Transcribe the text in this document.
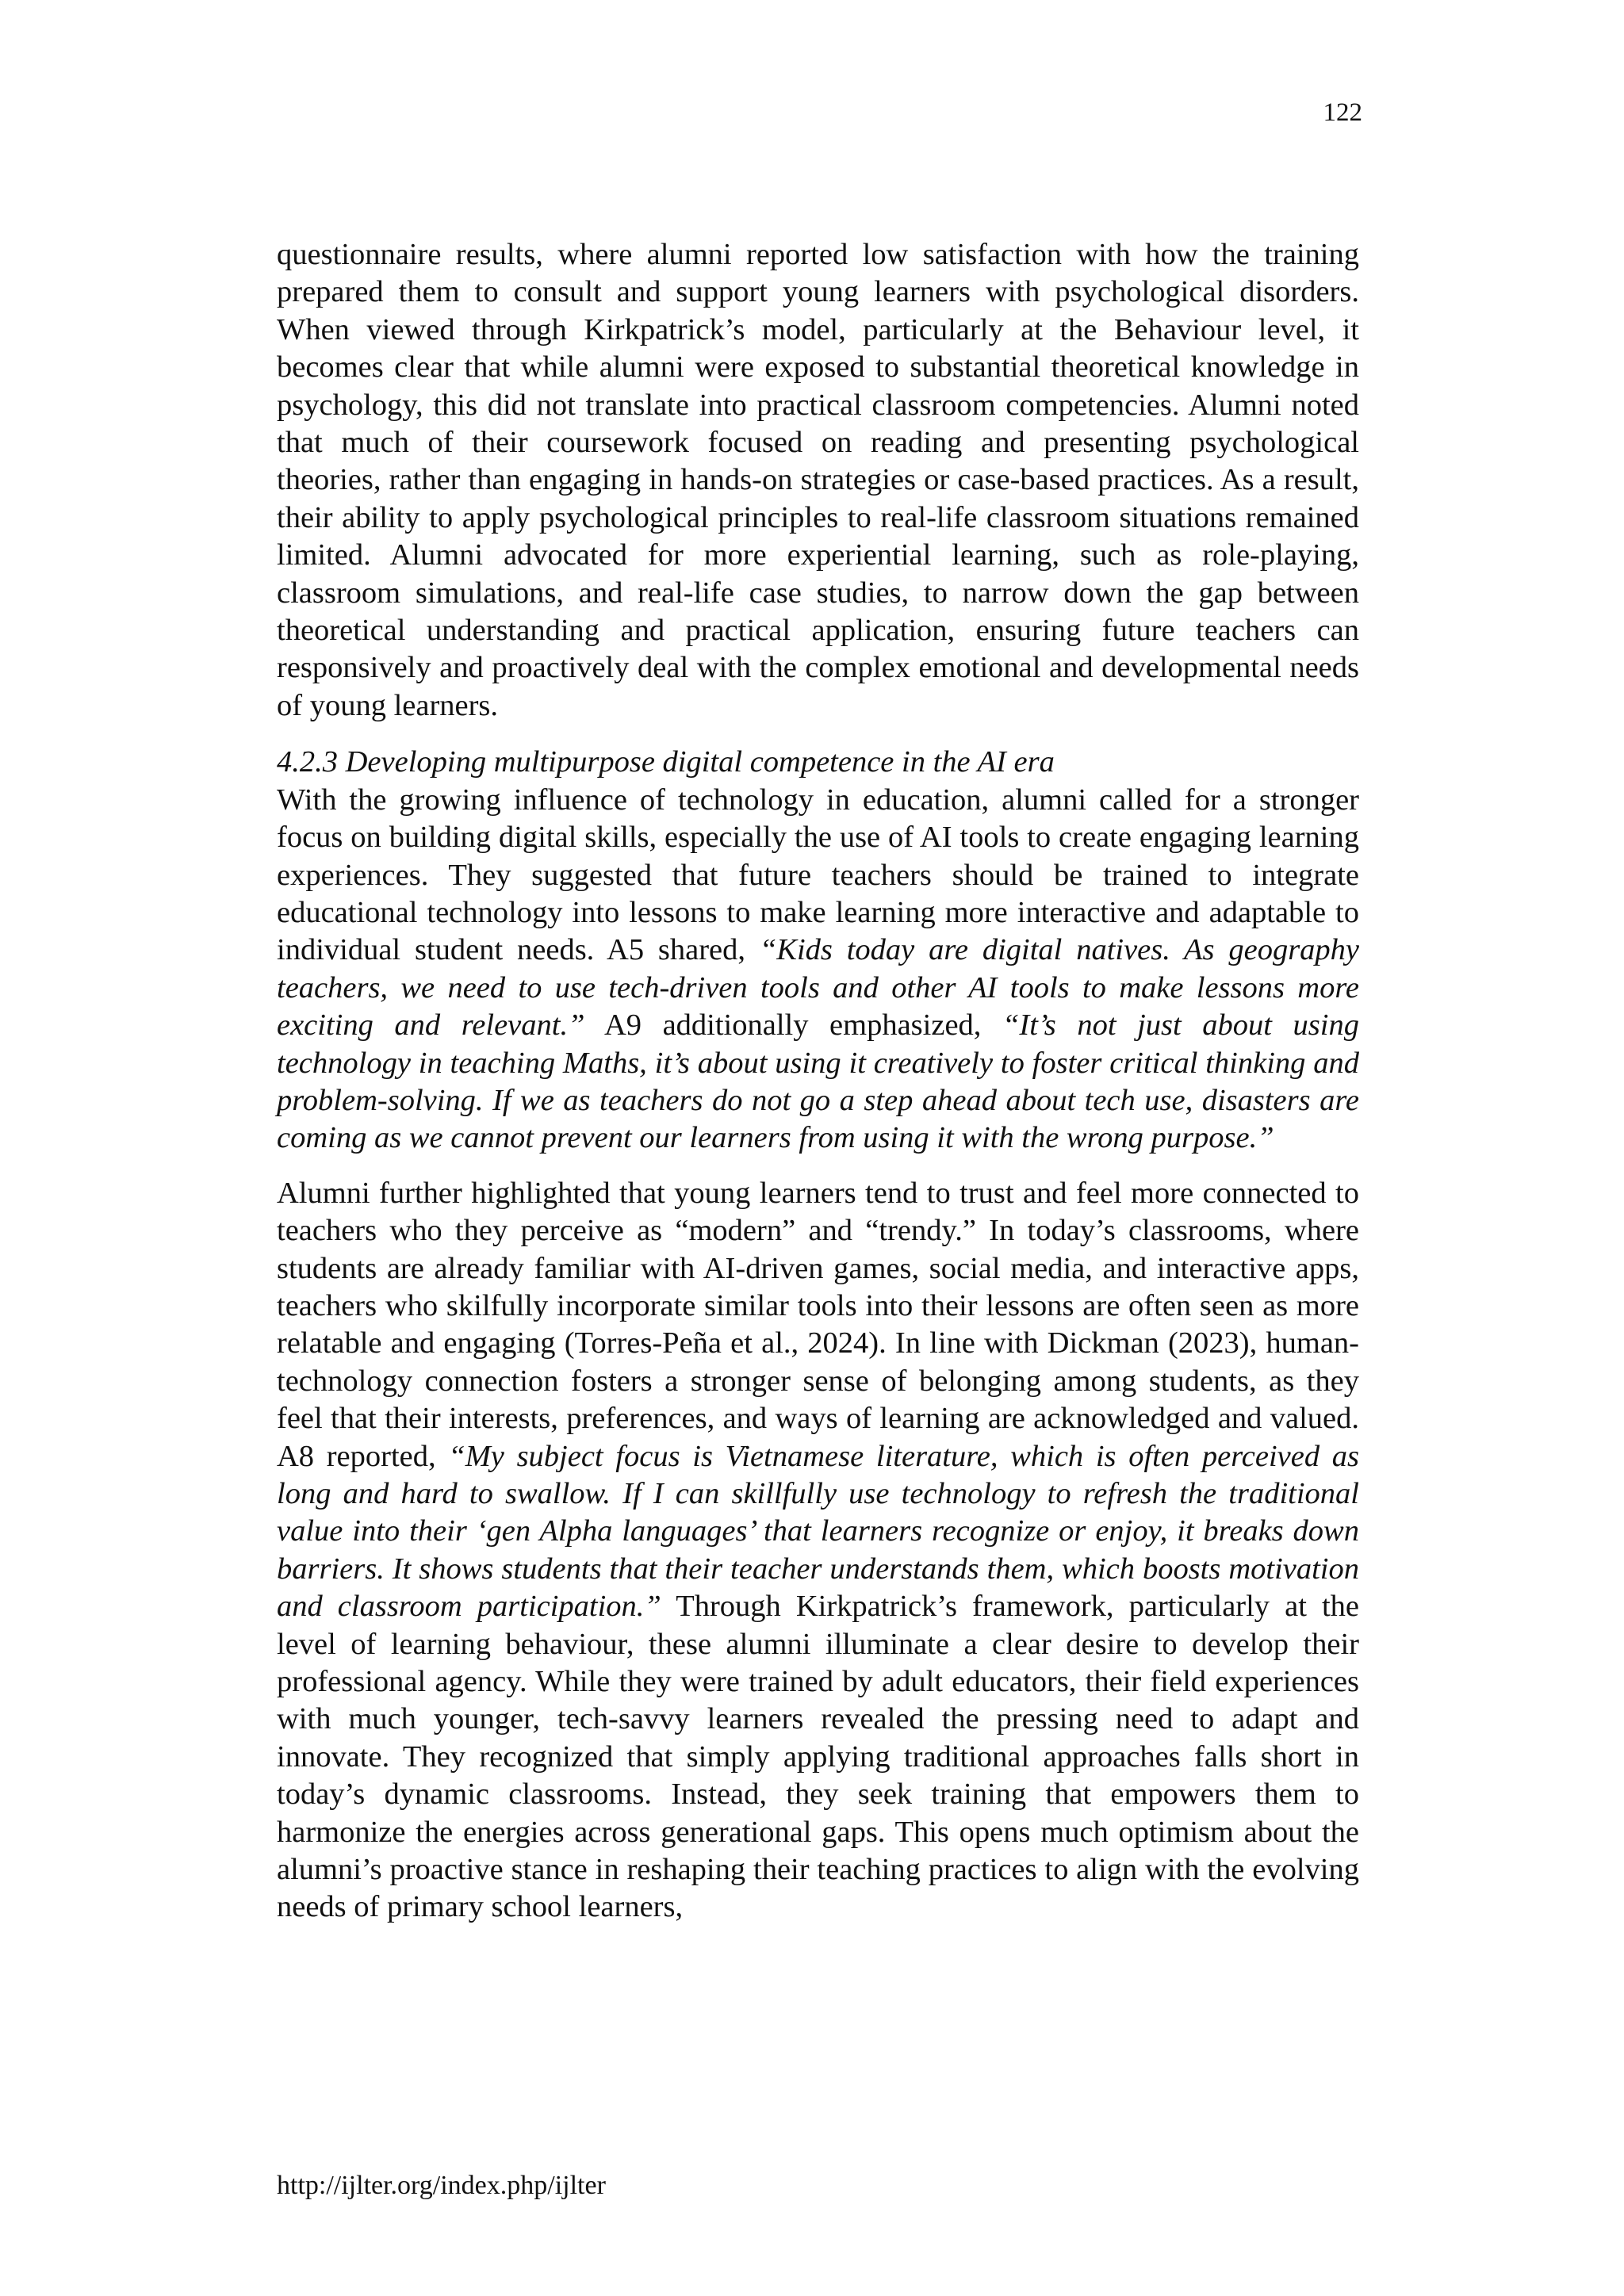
122

questionnaire results, where alumni reported low satisfaction with how the training prepared them to consult and support young learners with psychological disorders. When viewed through Kirkpatrick’s model, particularly at the Behaviour level, it becomes clear that while alumni were exposed to substantial theoretical knowledge in psychology, this did not translate into practical classroom competencies. Alumni noted that much of their coursework focused on reading and presenting psychological theories, rather than engaging in hands-on strategies or case-based practices. As a result, their ability to apply psychological principles to real-life classroom situations remained limited. Alumni advocated for more experiential learning, such as role-playing, classroom simulations, and real-life case studies, to narrow down the gap between theoretical understanding and practical application, ensuring future teachers can responsively and proactively deal with the complex emotional and developmental needs of young learners.

4.2.3 Developing multipurpose digital competence in the AI era

With the growing influence of technology in education, alumni called for a stronger focus on building digital skills, especially the use of AI tools to create engaging learning experiences. They suggested that future teachers should be trained to integrate educational technology into lessons to make learning more interactive and adaptable to individual student needs. A5 shared, “Kids today are digital natives. As geography teachers, we need to use tech-driven tools and other AI tools to make lessons more exciting and relevant.” A9 additionally emphasized, “It’s not just about using technology in teaching Maths, it’s about using it creatively to foster critical thinking and problem-solving. If we as teachers do not go a step ahead about tech use, disasters are coming as we cannot prevent our learners from using it with the wrong purpose.”

Alumni further highlighted that young learners tend to trust and feel more connected to teachers who they perceive as “modern” and “trendy.” In today’s classrooms, where students are already familiar with AI-driven games, social media, and interactive apps, teachers who skilfully incorporate similar tools into their lessons are often seen as more relatable and engaging (Torres-Peña et al., 2024). In line with Dickman (2023), human-technology connection fosters a stronger sense of belonging among students, as they feel that their interests, preferences, and ways of learning are acknowledged and valued. A8 reported, “My subject focus is Vietnamese literature, which is often perceived as long and hard to swallow. If I can skillfully use technology to refresh the traditional value into their ‘gen Alpha languages’ that learners recognize or enjoy, it breaks down barriers. It shows students that their teacher understands them, which boosts motivation and classroom participation.” Through Kirkpatrick’s framework, particularly at the level of learning behaviour, these alumni illuminate a clear desire to develop their professional agency. While they were trained by adult educators, their field experiences with much younger, tech-savvy learners revealed the pressing need to adapt and innovate. They recognized that simply applying traditional approaches falls short in today’s dynamic classrooms. Instead, they seek training that empowers them to harmonize the energies across generational gaps. This opens much optimism about the alumni’s proactive stance in reshaping their teaching practices to align with the evolving needs of primary school learners,

http://ijlter.org/index.php/ijlter
